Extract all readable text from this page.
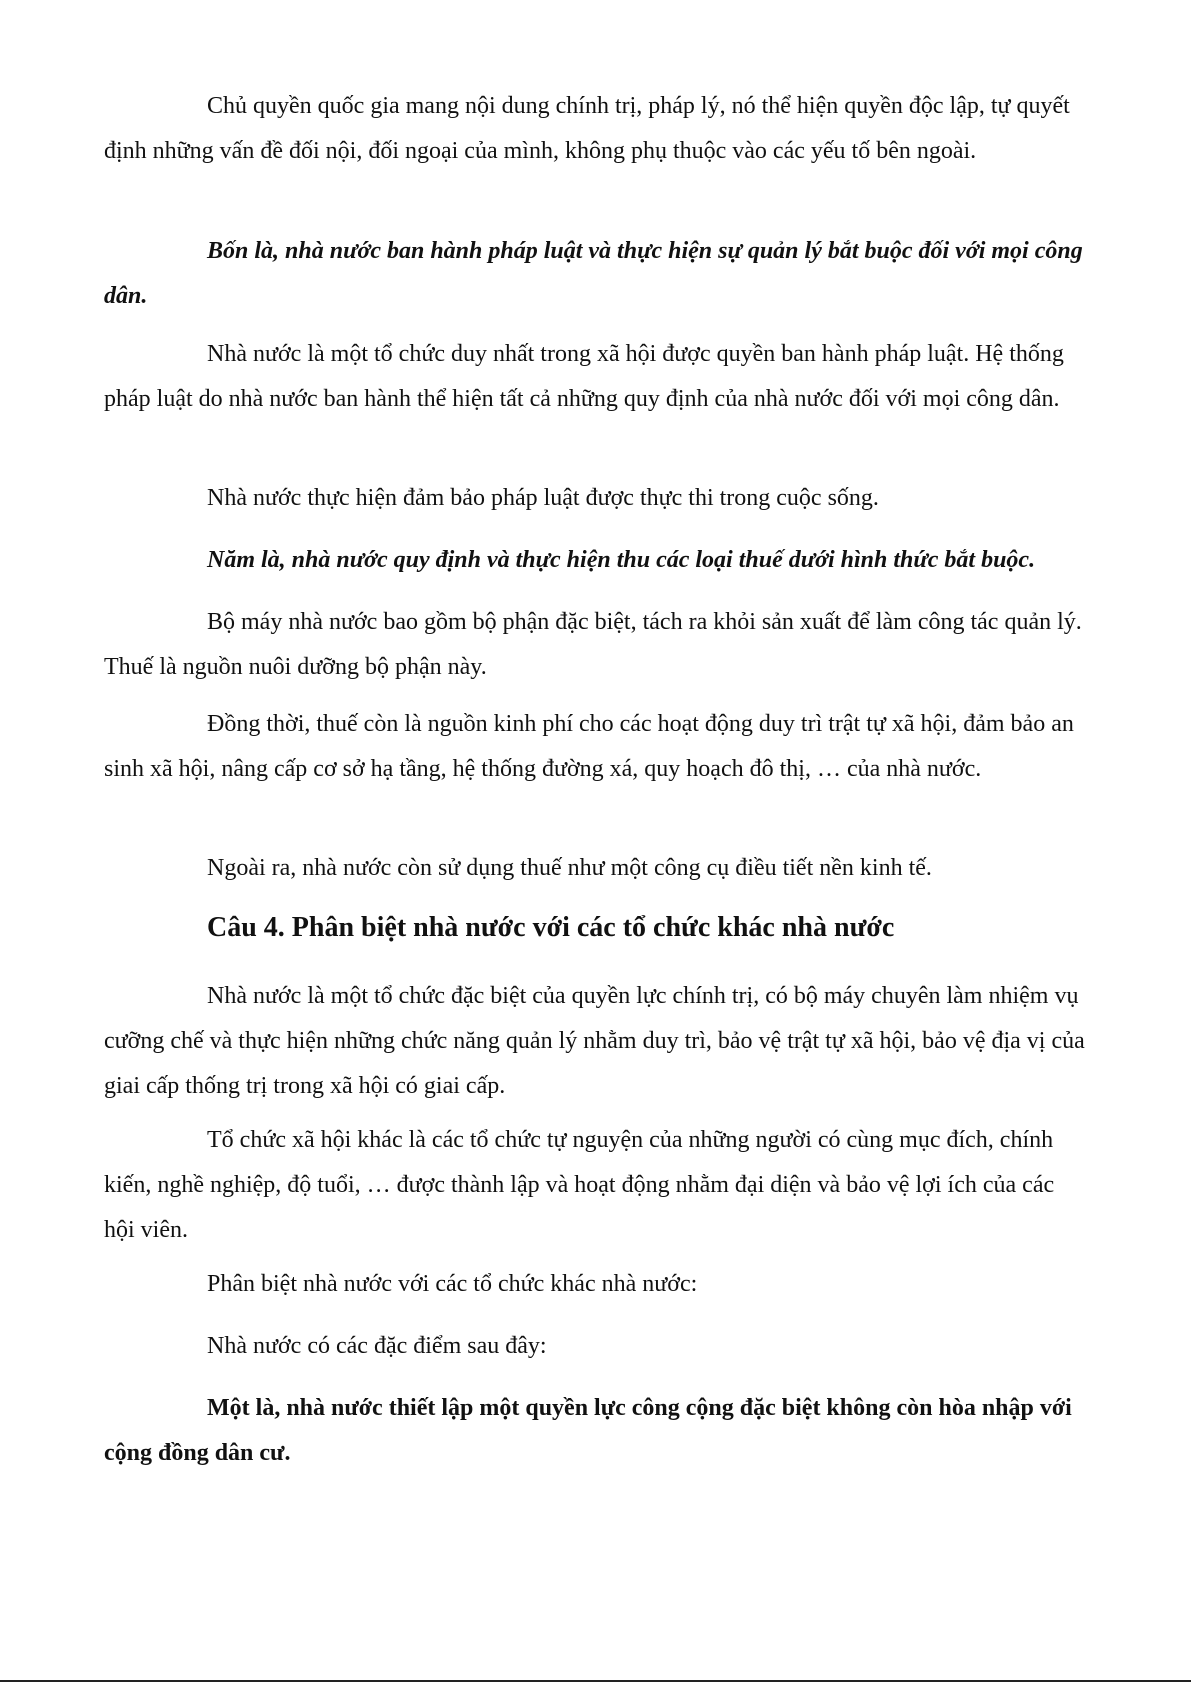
Chủ quyền quốc gia mang nội dung chính trị, pháp lý, nó thể hiện quyền độc lập, tự quyết định những vấn đề đối nội, đối ngoại của mình, không phụ thuộc vào các yếu tố bên ngoài.

Bốn là, nhà nước ban hành pháp luật và thực hiện sự quản lý bắt buộc đối với mọi công dân.

Nhà nước là một tổ chức duy nhất trong xã hội được quyền ban hành pháp luật. Hệ thống pháp luật do nhà nước ban hành thể hiện tất cả những quy định của nhà nước đối với mọi công dân.

Nhà nước thực hiện đảm bảo pháp luật được thực thi trong cuộc sống.

Năm là, nhà nước quy định và thực hiện thu các loại thuế dưới hình thức bắt buộc.

Bộ máy nhà nước bao gồm bộ phận đặc biệt, tách ra khỏi sản xuất để làm công tác quản lý. Thuế là nguồn nuôi dưỡng bộ phận này.

Đồng thời, thuế còn là nguồn kinh phí cho các hoạt động duy trì trật tự xã hội, đảm bảo an sinh xã hội, nâng cấp cơ sở hạ tầng, hệ thống đường xá, quy hoạch đô thị, … của nhà nước.

Ngoài ra, nhà nước còn sử dụng thuế như một công cụ điều tiết nền kinh tế.

Câu 4. Phân biệt nhà nước với các tổ chức khác nhà nước

Nhà nước là một tổ chức đặc biệt của quyền lực chính trị, có bộ máy chuyên làm nhiệm vụ cưỡng chế và thực hiện những chức năng quản lý nhằm duy trì, bảo vệ trật tự xã hội, bảo vệ địa vị của giai cấp thống trị trong xã hội có giai cấp.

Tổ chức xã hội khác là các tổ chức tự nguyện của những người có cùng mục đích, chính kiến, nghề nghiệp, độ tuổi, … được thành lập và hoạt động nhằm đại diện và bảo vệ lợi ích của các hội viên.

Phân biệt nhà nước với các tổ chức khác nhà nước:

Nhà nước có các đặc điểm sau đây:

Một là, nhà nước thiết lập một quyền lực công cộng đặc biệt không còn hòa nhập với cộng đồng dân cư.
